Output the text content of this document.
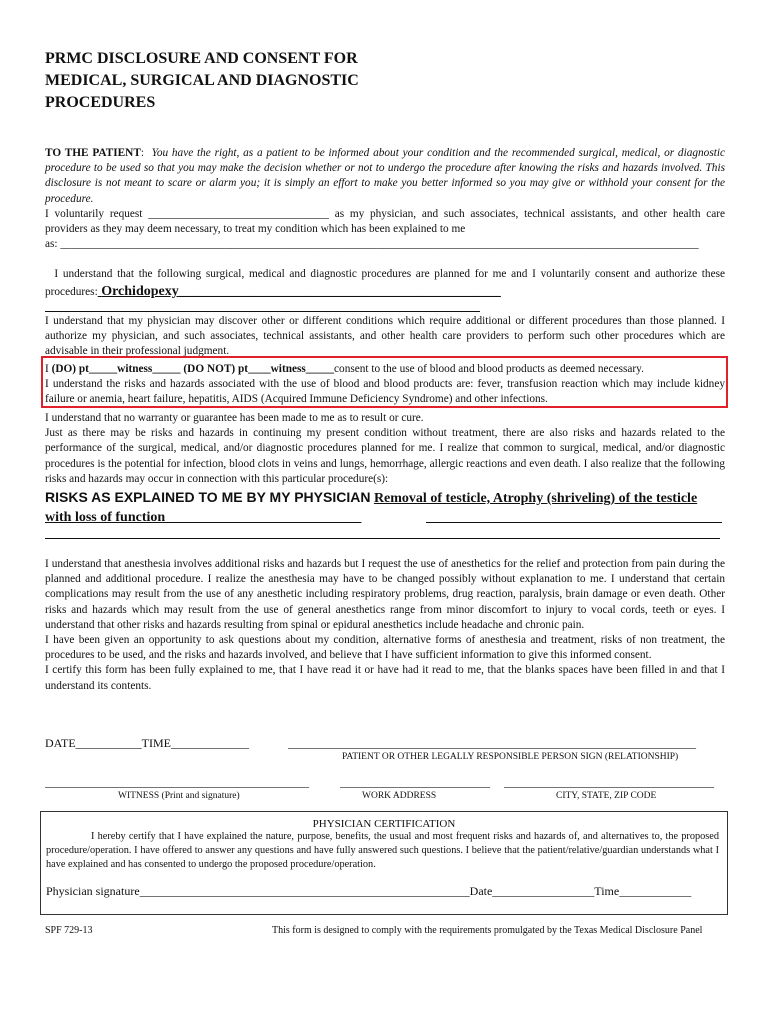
PRMC DISCLOSURE AND CONSENT FOR
MEDICAL, SURGICAL AND DIAGNOSTIC
PROCEDURES

TO THE PATIENT: You have the right, as a patient to be informed about your condition and the recommended surgical, medical, or diagnostic procedure to be used so that you may make the decision whether or not to undergo the procedure after knowing the risks and hazards involved. This disclosure is not meant to scare or alarm you; it is simply an effort to make you better informed so you may give or withhold your consent for the procedure.

I voluntarily request ________________________________ as my physician, and such associates, technical assistants, and other health care providers as they may deem necessary, to treat my condition which has been explained to me

as: _________________________________________________________________________________________________________________

I understand that the following surgical, medical and diagnostic procedures are planned for me and I voluntarily consent and authorize these procedures: Orchidopexy______________________________________________

I understand that my physician may discover other or different conditions which require additional or different procedures than those planned. I authorize my physician, and such associates, technical assistants, and other health care providers to perform such other procedures which are advisable in their professional judgment.

I (DO) pt_____witness_____ (DO NOT) pt____witness_____consent to the use of blood and blood products as deemed necessary.

I understand the risks and hazards associated with the use of blood and blood products are: fever, transfusion reaction which may include kidney failure or anemia, heart failure, hepatitis, AIDS (Acquired Immune Deficiency Syndrome) and other infections.

I understand that no warranty or guarantee has been made to me as to result or cure.

Just as there may be risks and hazards in continuing my present condition without treatment, there are also risks and hazards related to the performance of the surgical, medical, and/or diagnostic procedures planned for me. I realize that common to surgical, medical, and/or diagnostic procedures is the potential for infection, blood clots in veins and lungs, hemorrhage, allergic reactions and even death. I also realize that the following risks and hazards may occur in connection with this particular procedure(s):

RISKS AS EXPLAINED TO ME BY MY PHYSICIAN Removal of testicle, Atrophy (shriveling) of the testicle with loss of function____________________________

I understand that anesthesia involves additional risks and hazards but I request the use of anesthetics for the relief and protection from pain during the planned and additional procedure. I realize the anesthesia may have to be changed possibly without explanation to me. I understand that certain complications may result from the use of any anesthetic including respiratory problems, drug reaction, paralysis, brain damage or even death. Other risks and hazards which may result from the use of general anesthetics range from minor discomfort to injury to vocal cords, teeth or eyes. I understand that other risks and hazards resulting from spinal or epidural anesthetics include headache and chronic pain.

I have been given an opportunity to ask questions about my condition, alternative forms of anesthesia and treatment, risks of non treatment, the procedures to be used, and the risks and hazards involved, and believe that I have sufficient information to give this informed consent.

I certify this form has been fully explained to me, that I have read it or have had it read to me, that the blanks spaces have been filled in and that I understand its contents.

DATE___________TIME_____________	____________________________________________________________________
PATIENT OR OTHER LEGALLY RESPONSIBLE PERSON SIGN (RELATIONSHIP)
____________________________________________	_________________________	___________________________________
WITNESS (Print and signature)	WORK ADDRESS	CITY, STATE, ZIP CODE
PHYSICIAN CERTIFICATION
I hereby certify that I have explained the nature, purpose, benefits, the usual and most frequent risks and hazards of, and alternatives to, the proposed procedure/operation. I have offered to answer any questions and have fully answered such questions. I believe that the patient/relative/guardian understands what I have explained and has consented to undergo the proposed procedure/operation.
Physician signature_______________________________________________________Date_________________Time____________
SPF 729-13	This form is designed to comply with the requirements promulgated by the Texas Medical Disclosure Panel
